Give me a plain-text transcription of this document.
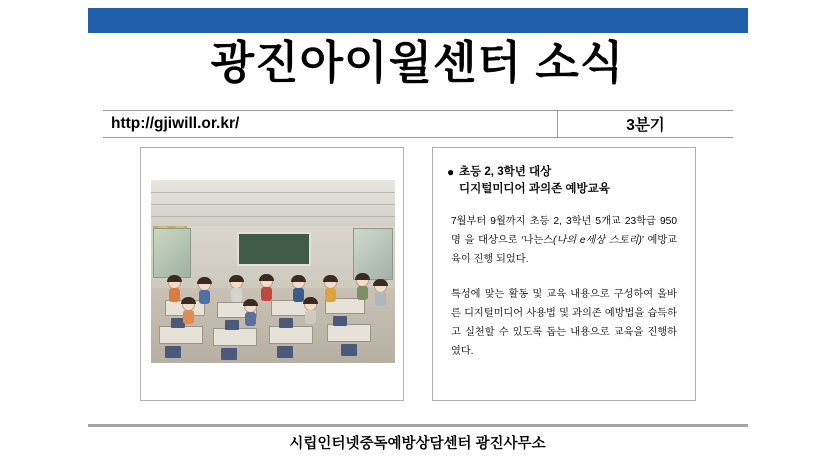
광진아이윌센터 소식
http://gjiwill.or.kr/	3분기
● 초등 2, 3학년 대상
디지털미디어 과의존 예방교육
7월부터 9월까지 초등 2, 3학년 5개교 23학급 950명 을 대상으로 ‘나는스(나의 e세상 스토리)’ 예방교육이 진행 되었다.
특성에 맞는 활동 및 교육 내용으로 구성하여 올바른 디지털미디어 사용법 및 과의존 예방법을 습득하고 실천할 수 있도록 돕는 내용으로 교육을 진행하였다.
시립인터넷중독예방상담센터 광진사무소
